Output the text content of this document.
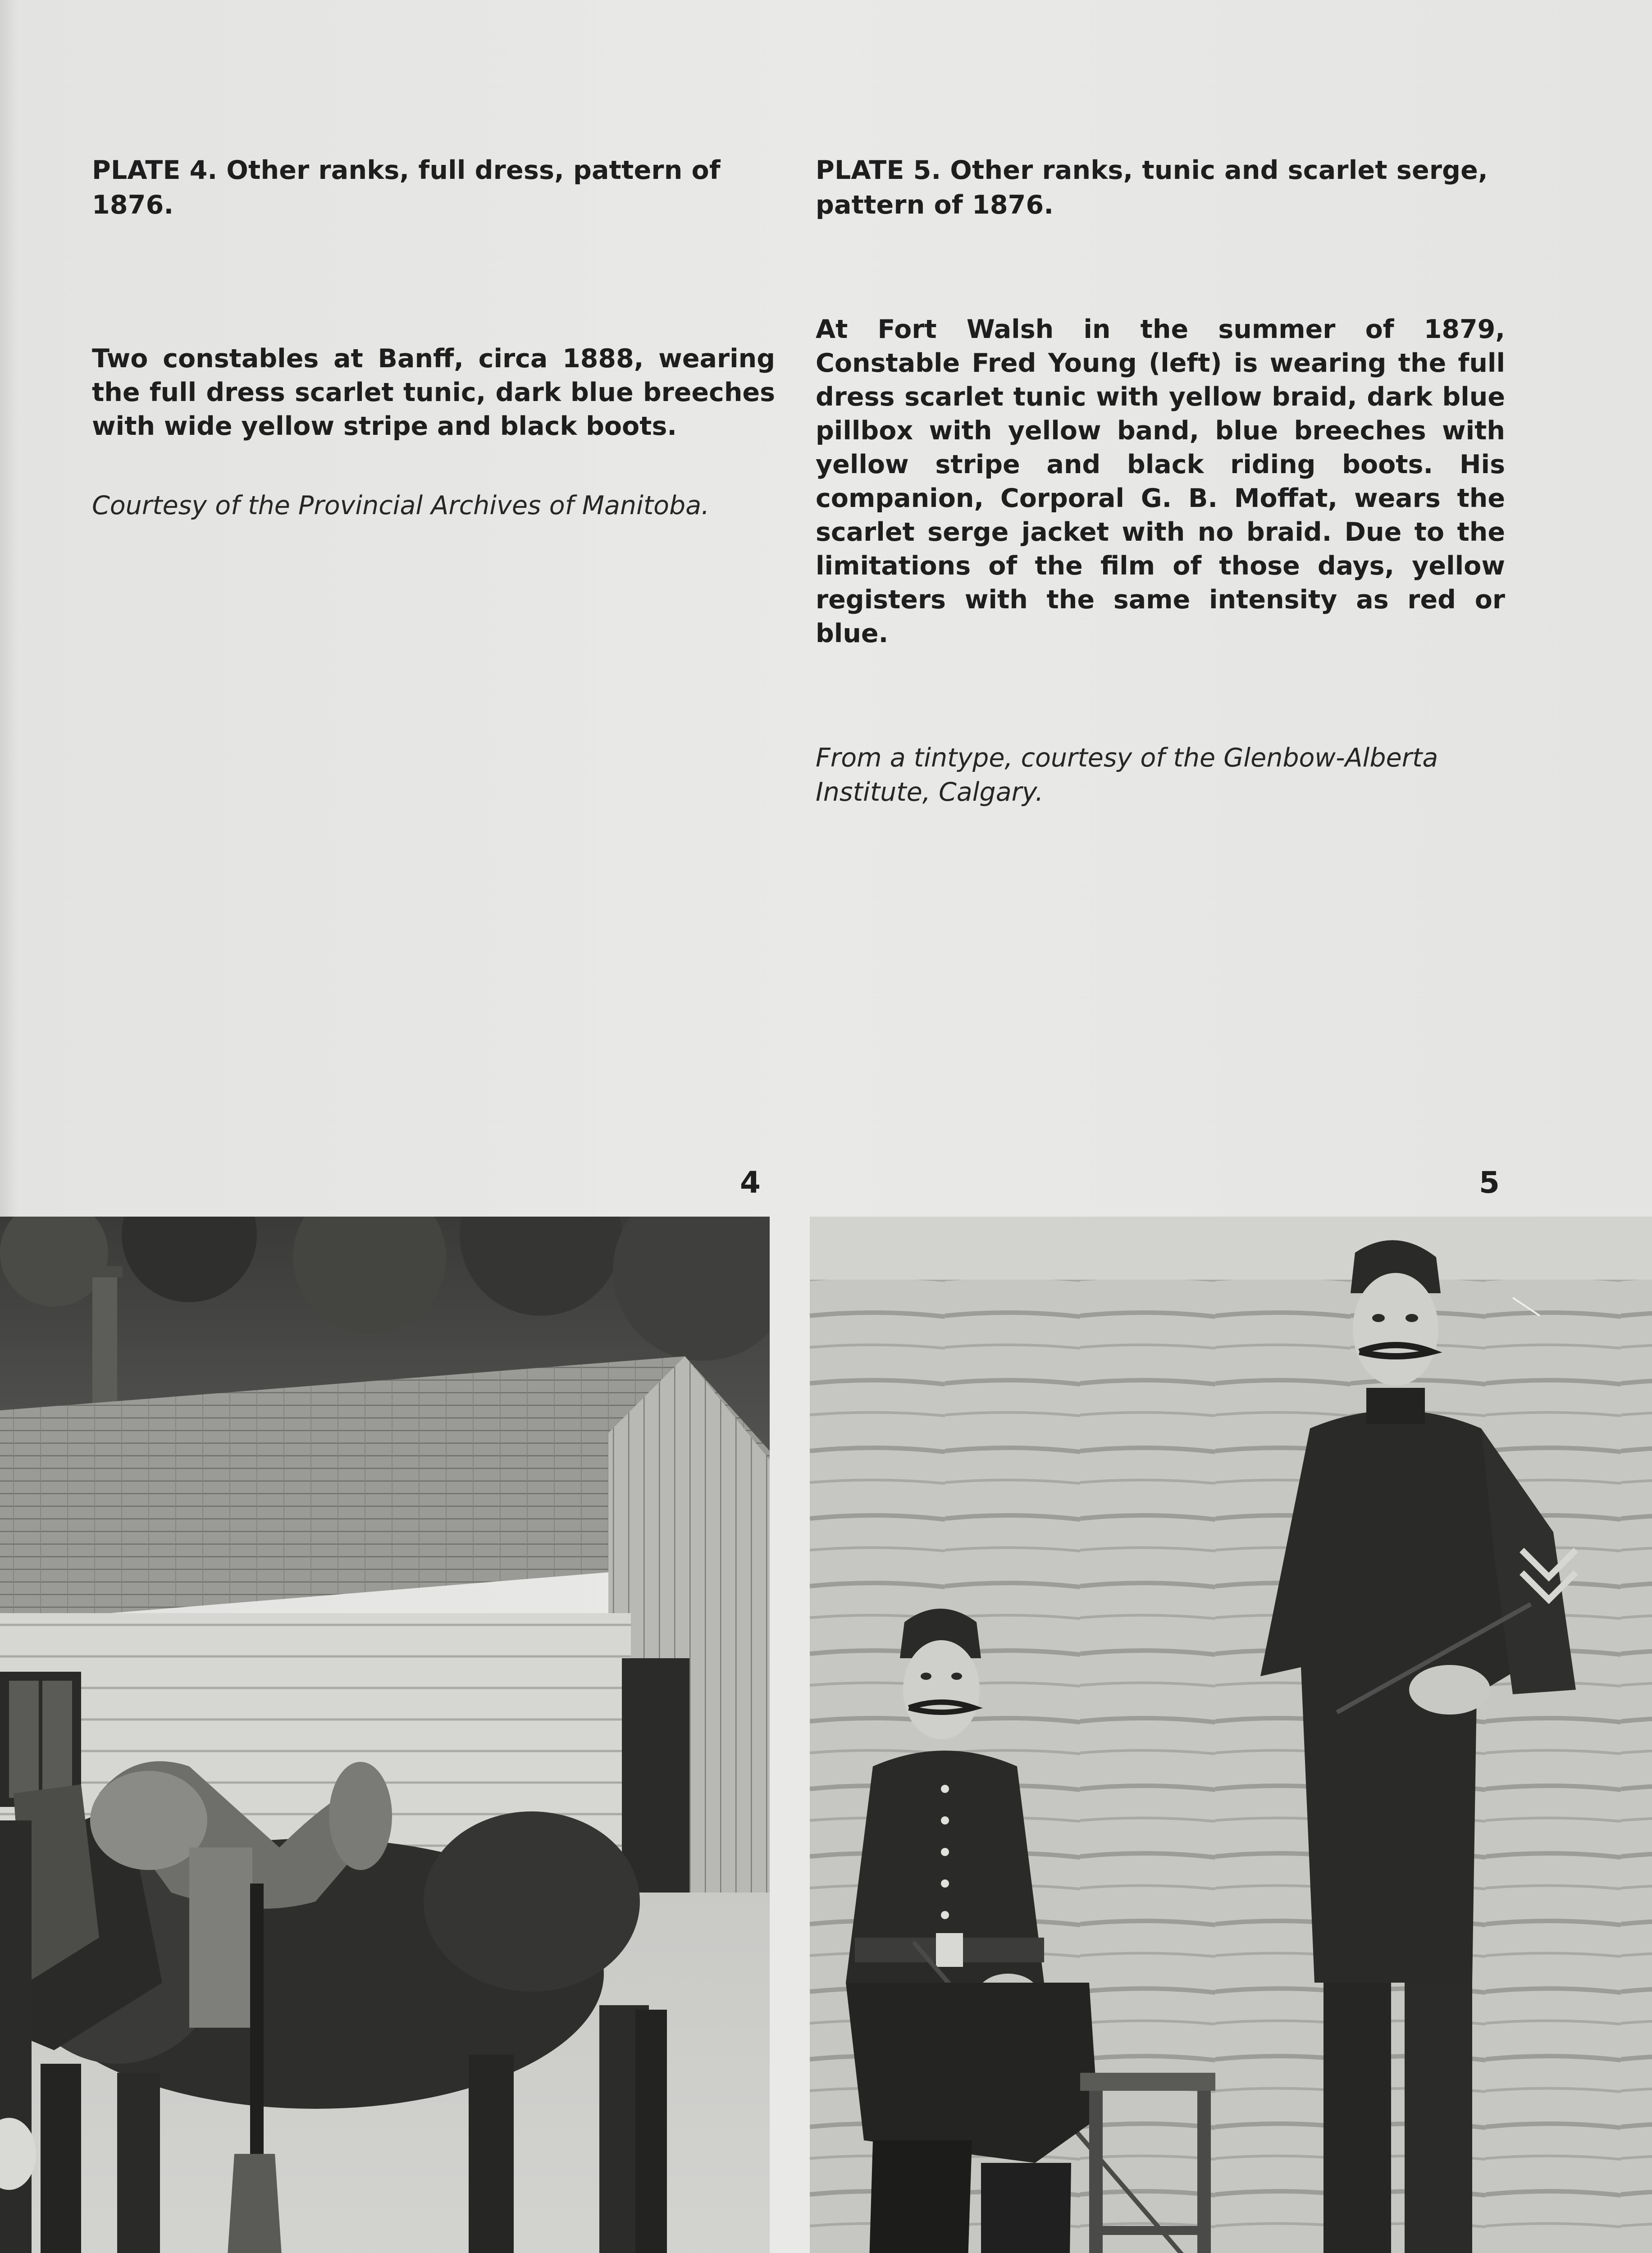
PLATE 4. Other ranks, full dress, pattern of 1876.

Two constables at Banff, circa 1888, wearing the full dress scarlet tunic, dark blue breeches with wide yellow stripe and black boots.

Courtesy of the Provincial Archives of Manitoba.

PLATE 5. Other ranks, tunic and scarlet serge, pattern of 1876.

At Fort Walsh in the summer of 1879, Constable Fred Young (left) is wearing the full dress scarlet tunic with yellow braid, dark blue pillbox with yellow band, blue breeches with yellow stripe and black riding boots. His companion, Corporal G. B. Moffat, wears the scarlet serge jacket with no braid. Due to the limitations of the film of those days, yellow registers with the same intensity as red or blue.

From a tintype, courtesy of the Glenbow-Alberta Institute, Calgary.

4	5
